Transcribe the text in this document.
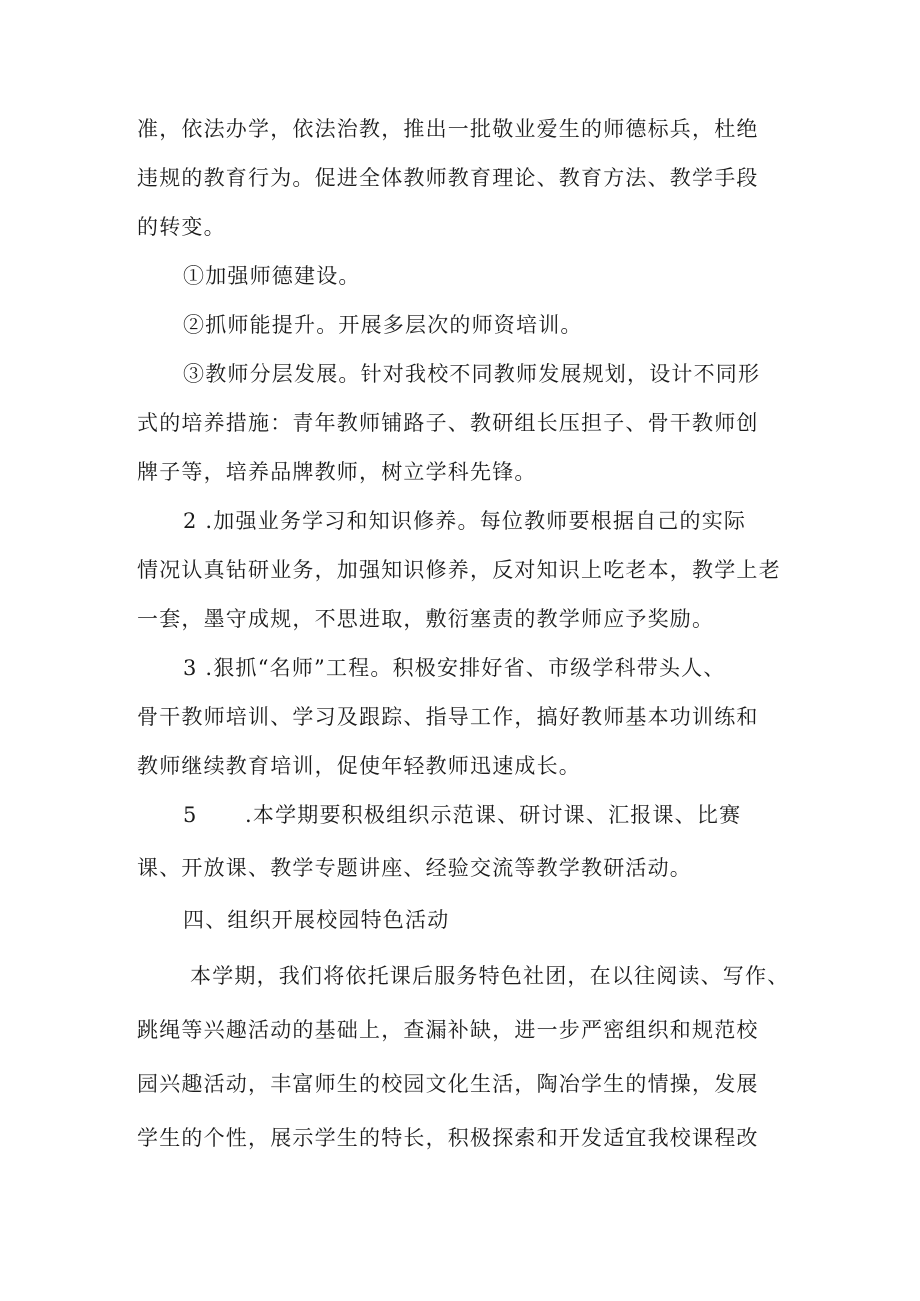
准，依法办学，依法治教，推出一批敬业爱生的师德标兵，杜绝
违规的教育行为。促进全体教师教育理论、教育方法、教学手段
的转变。
①加强师德建设。
②抓师能提升。开展多层次的师资培训。
③教师分层发展。针对我校不同教师发展规划，设计不同形
式的培养措施：青年教师铺路子、教研组长压担子、骨干教师创
牌子等，培养品牌教师，树立学科先锋。
2 .加强业务学习和知识修养。每位教师要根据自己的实际
情况认真钻研业务，加强知识修养，反对知识上吃老本，教学上老
一套，墨守成规，不思进取，敷衍塞责的教学师应予奖励。
3 .狠抓“名师”工程。积极安排好省、市级学科带头人、
骨干教师培训、学习及跟踪、指导工作，搞好教师基本功训练和
教师继续教育培训，促使年轻教师迅速成长。
5 .本学期要积极组织示范课、研讨课、汇报课、比赛
课、开放课、教学专题讲座、经验交流等教学教研活动。
四、组织开展校园特色活动
本学期，我们将依托课后服务特色社团，在以往阅读、写作、
跳绳等兴趣活动的基础上，查漏补缺，进一步严密组织和规范校
园兴趣活动，丰富师生的校园文化生活，陶冶学生的情操，发展
学生的个性，展示学生的特长，积极探索和开发适宜我校课程改
